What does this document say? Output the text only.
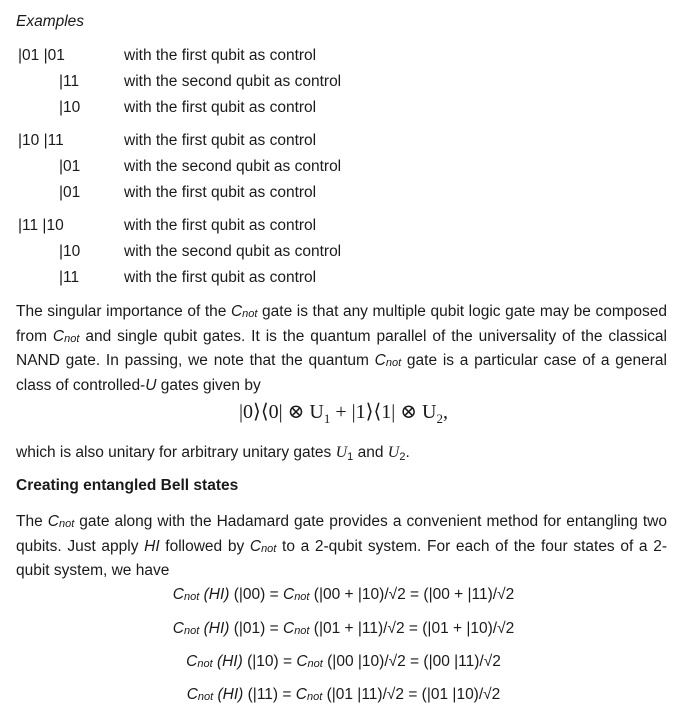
Examples
|01 |01	with the first qubit as control
|11	with the second qubit as control
|10	with the first qubit as control
|10 |11	with the first qubit as control
|01	with the second qubit as control
|01	with the first qubit as control
|11 |10	with the first qubit as control
|10	with the second qubit as control
|11	with the first qubit as control

The singular importance of the Cnot gate is that any multiple qubit logic gate may be composed from Cnot and single qubit gates. It is the quantum parallel of the universality of the classical NAND gate. In passing, we note that the quantum Cnot gate is a particular case of a general class of controlled-U gates given by

|0⟩⟨0| ⊗ $U_1$ + |1⟩⟨1| ⊗ $U_2$,
which is also unitary for arbitrary unitary gates U1 and U2.
Creating entangled Bell states

The Cnot gate along with the Hadamard gate provides a convenient method for entangling two qubits. Just apply HI followed by Cnot to a 2-qubit system. For each of the four states of a 2-qubit system, we have

Cnot (HI) (|00) = Cnot (|00 + |10)/√2 = (|00 + |11)/√2
Cnot (HI) (|01) = Cnot (|01 + |11)/√2 = (|01 + |10)/√2
Cnot (HI) (|10) = Cnot (|00 |10)/√2 = (|00 |11)/√2
Cnot (HI) (|11) = Cnot (|01 |11)/√2 = (|01 |10)/√2
